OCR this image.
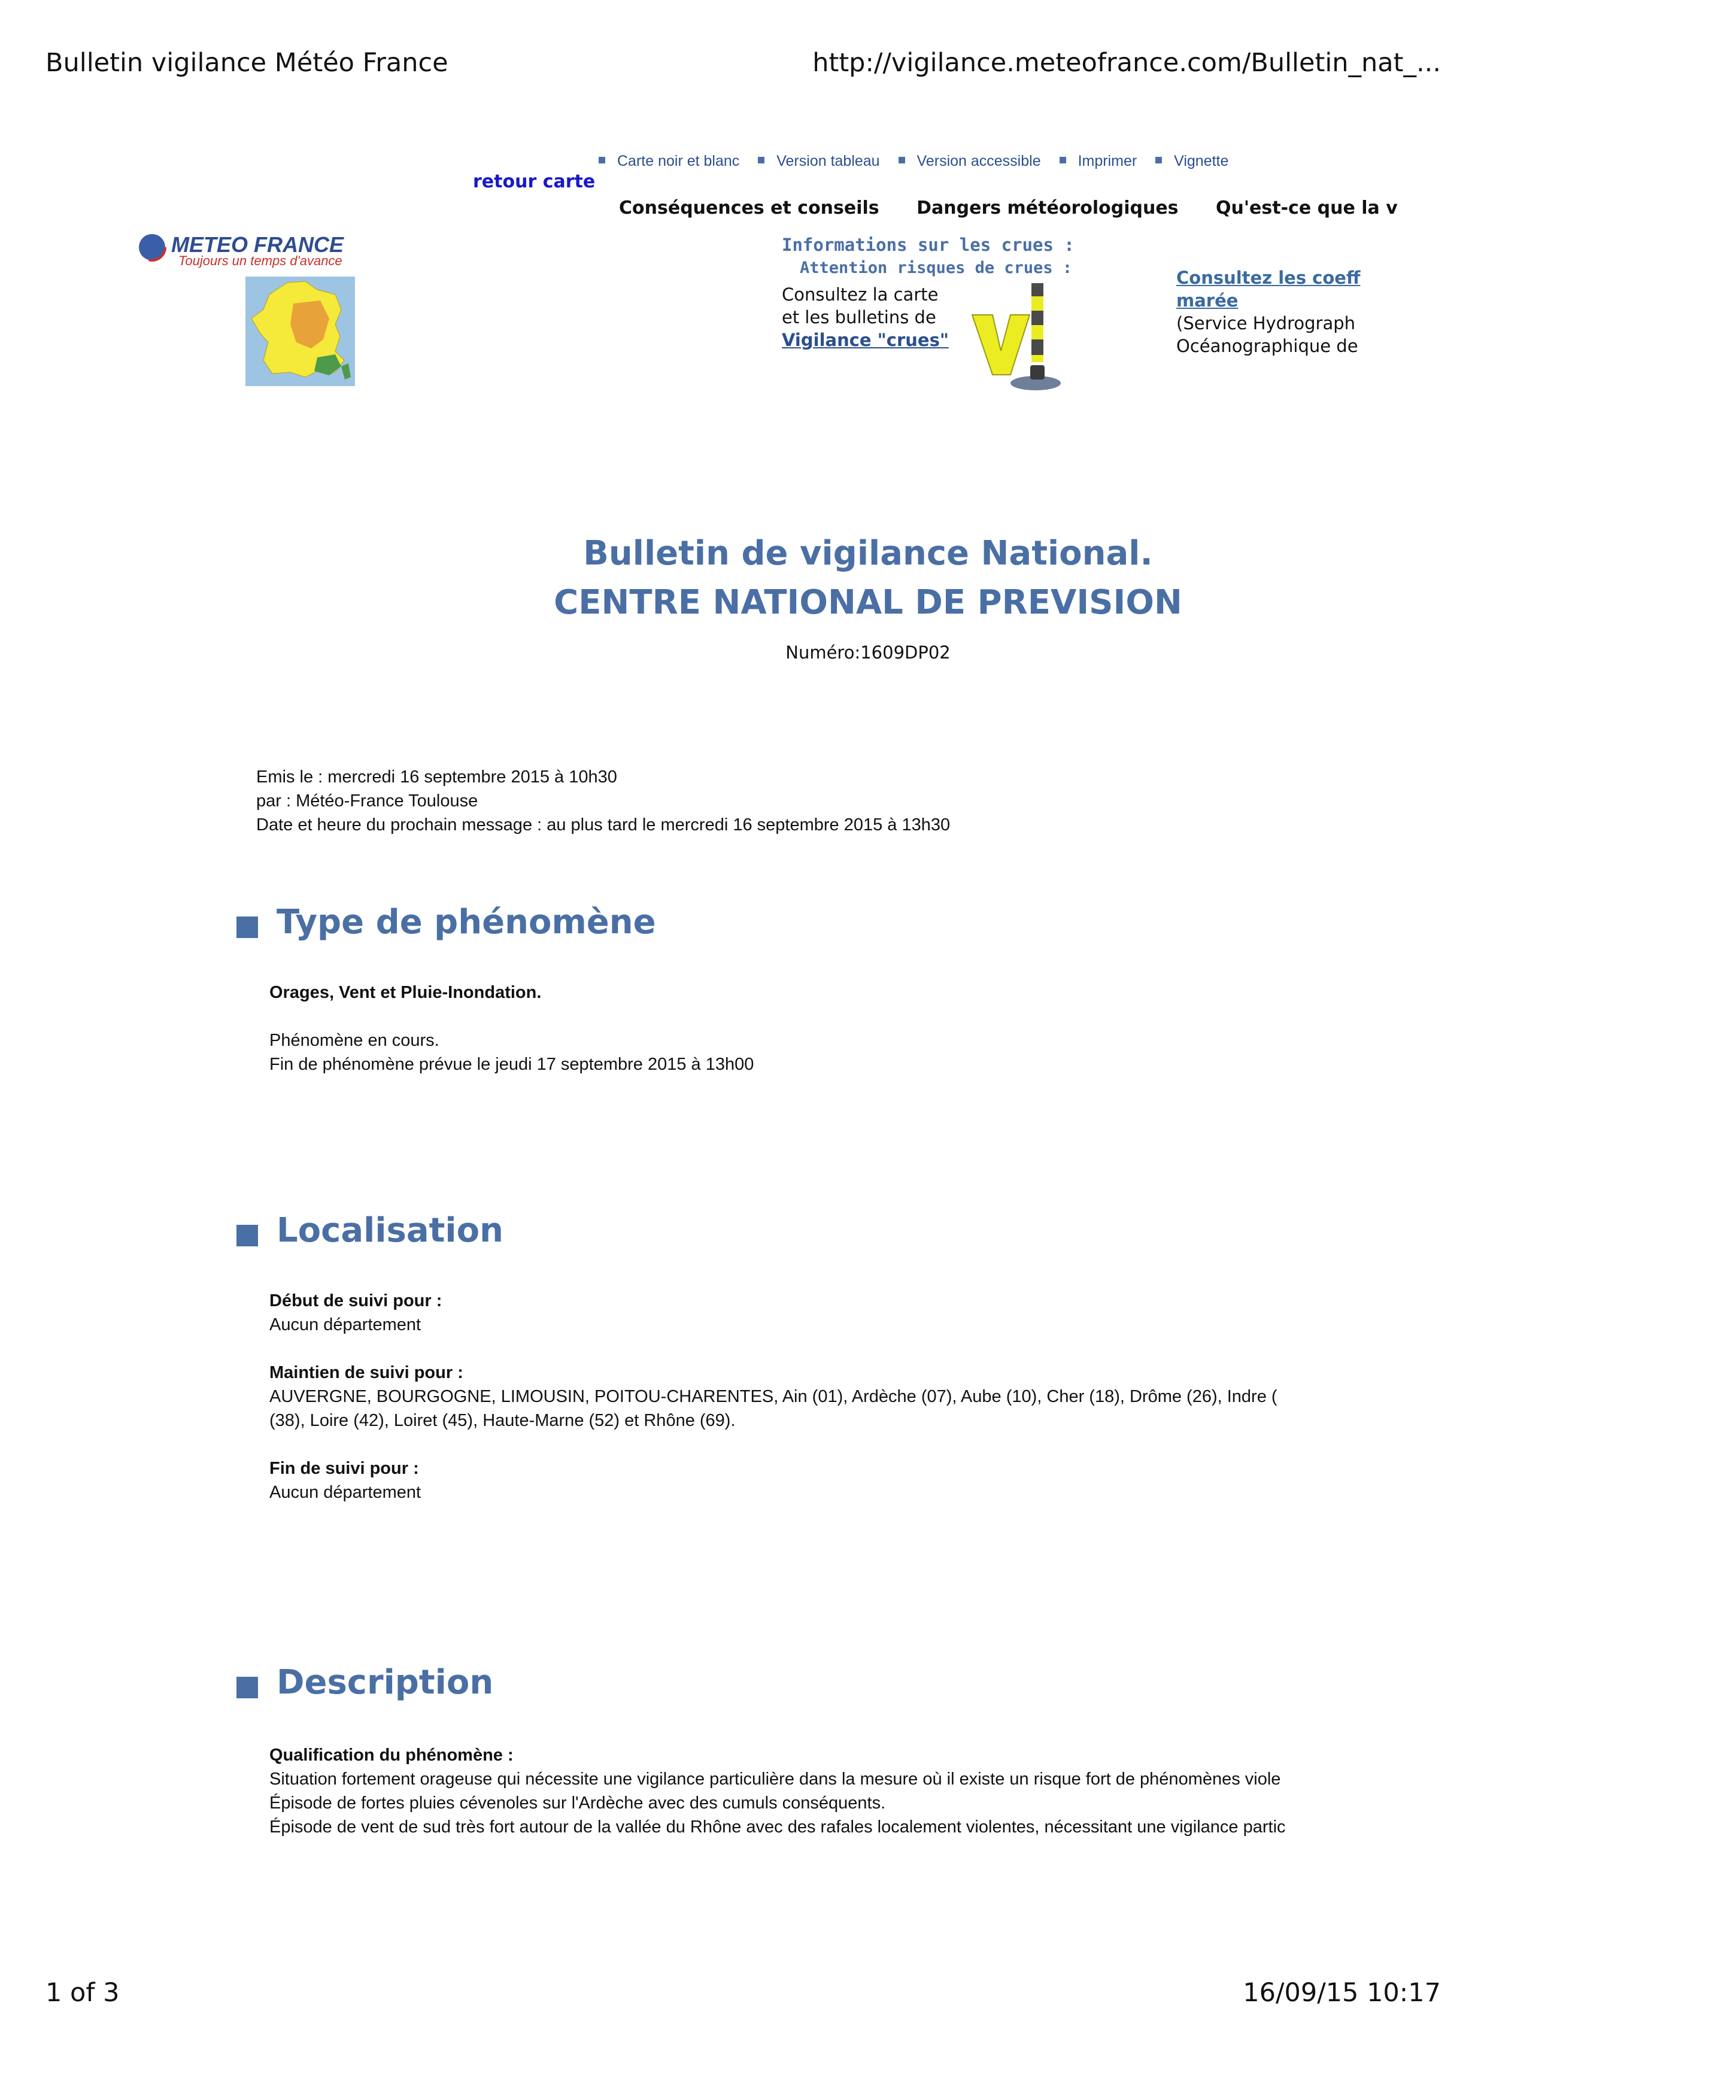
Bulletin vigilance Météo France	http://vigilance.meteofrance.com/Bulletin_nat_...
Carte noir et blanc Version tableau Version accessible Imprimer Vignette
retour carte
Conséquences et conseils Dangers météorologiques Qu'est-ce que la v
METEO FRANCE
Toujours un temps d'avance
Informations sur les crues :
Attention risques de crues :
Consultez la carte
et les bulletins de
Vigilance "crues"
Consultez les coeff
marée
(Service Hydrograph
Océanographique de
Bulletin de vigilance National.
CENTRE NATIONAL DE PREVISION
Numéro:1609DP02
Emis le : mercredi 16 septembre 2015 à 10h30
par : Météo-France Toulouse
Date et heure du prochain message : au plus tard le mercredi 16 septembre 2015 à 13h30
Type de phénomène
Orages, Vent et Pluie-Inondation.
Phénomène en cours.
Fin de phénomène prévue le jeudi 17 septembre 2015 à 13h00
Localisation
Début de suivi pour :
Aucun département
Maintien de suivi pour :
AUVERGNE, BOURGOGNE, LIMOUSIN, POITOU-CHARENTES, Ain (01), Ardèche (07), Aube (10), Cher (18), Drôme (26), Indre (
(38), Loire (42), Loiret (45), Haute-Marne (52) et Rhône (69).
Fin de suivi pour :
Aucun département
Description
Qualification du phénomène :
Situation fortement orageuse qui nécessite une vigilance particulière dans la mesure où il existe un risque fort de phénomènes viole
Épisode de fortes pluies cévenoles sur l'Ardèche avec des cumuls conséquents.
Épisode de vent de sud très fort autour de la vallée du Rhône avec des rafales localement violentes, nécessitant une vigilance partic
1 of 3	16/09/15 10:17
